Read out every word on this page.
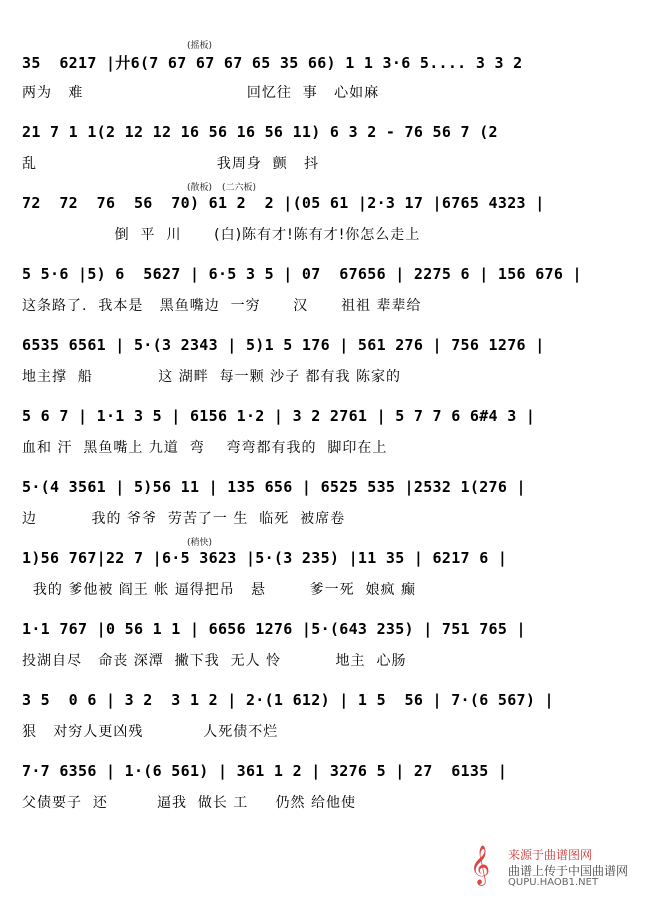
35  6217 |廾6(7 67 67 67 65 35 66) 1 1 3·6 5.... 3 3 2
两为   难                              回忆往  事   心如麻
(摇板)
21 7 1 1(2 12 12 16 56 16 56 11) 6 3 2 - 76 56 7 (2
乱                                 我周身  颤   抖
72  72  76  56  70) 61 2  2 |(05 61 |2·3 17 |6765 4323 |
倒  平  川      (白)陈有才!陈有才!你怎么走上
(散板) (二六板)
5 5·6 |5) 6  5627 | 6·5 3 5 | 07  67656 | 2275 6 | 156 676 |
这条路了.  我本是   黑鱼嘴边  一穷      汉      祖祖 辈辈给
6535 6561 | 5·(3 2343 | 5)1 5 176 | 561 276 | 756 1276 |
地主撑  船            这 湖畔  每一颗 沙子 都有我 陈家的
5 6 7 | 1·1 3 5 | 6156 1·2 | 3 2 2761 | 5 7 7 6 6#4 3 |
血和 汗  黑鱼嘴上 九道  弯    弯弯都有我的  脚印在上
5·(4 3561 | 5)56 11 | 135 656 | 6525 535 |2532 1(276 |
边          我的 爷爷  劳苦了一 生  临死  被席卷
1)56 767|22 7 |6·5 3623 |5·(3 235) |11 35 | 6217 6 |
我的 爹他被 阎王 帐 逼得把吊   悬        爹一死  娘疯 癫
(稍快)
1·1 767 |0 56 1 1 | 6656 1276 |5·(643 235) | 751 765 |
投湖自尽   命丧 深潭  撇下我  无人 怜          地主  心肠
3 5  0 6 | 3 2  3 1 2 | 2·(1 612) | 1 5  56 | 7·(6 567) |
狠   对穷人更凶残           人死债不烂
7·7 6356 | 1·(6 561) | 361 1 2 | 3276 5 | 27  6135 |
父债要子  还         逼我  做长 工     仍然 给他使
𝄞 来源于曲谱图网
曲谱上传于中国曲谱网
QUPU.HAOB1.NET
